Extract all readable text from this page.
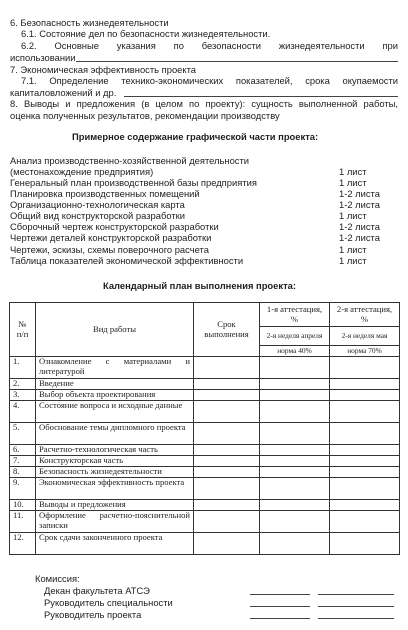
6. Безопасность жизнедеятельности
6.1. Состояние дел по безопасности жизнедеятельности.
6.2. Основные указания по безопасности жизнедеятельности при
использовании
7. Экономическая эффективность проекта
7.1. Определение технико-экономических показателей, срока окупаемости
капиталовложений и др.
8. Выводы и предложения (в целом по проекту): сущность выполненной работы,
оценка полученных результатов, рекомендации производству
Примерное содержание графической части проекта:
Анализ производственно-хозяйственной деятельности
(местонахождение предприятия)	1 лист
Генеральный план производственной базы предприятия	1 лист
Планировка производственных помещений	1-2 листа
Организационно-технологическая карта	1-2 листа
Общий вид конструкторской разработки	1 лист
Сборочный чертеж конструкторской разработки	1-2 листа
Чертежи деталей конструкторской разработки	1-2 листа
Чертежи, эскизы, схемы поверочного расчета	1 лист
Таблица показателей экономической эффективности	1 лист
Календарный план выполнения проекта:
№ п/п	Вид работы	Срок выполнения	1-я аттестация, %	2-я аттестация, %
			2-я неделя апреля	2-я неделя мая
			норма 40%	норма 70%
1.	Ознакомление с материалами и литературой			
2.	Введение			
3.	Выбор объекта проектирования			
4.	Состояние вопроса и исходные данные			
5.	Обоснование темы дипломного проекта			
6.	Расчетно-технологическая часть			
7.	Конструкторская часть			
8.	Безопасность жизнедеятельности			
9.	Экономическая эффективность проекта			
10.	Выводы и предложения			
11.	Оформление расчетно-пояснительной записки			
12.	Срок сдачи законченного проекта			
Комиссия:
Декан факультета АТСЭ
Руководитель специальности
Руководитель проекта
